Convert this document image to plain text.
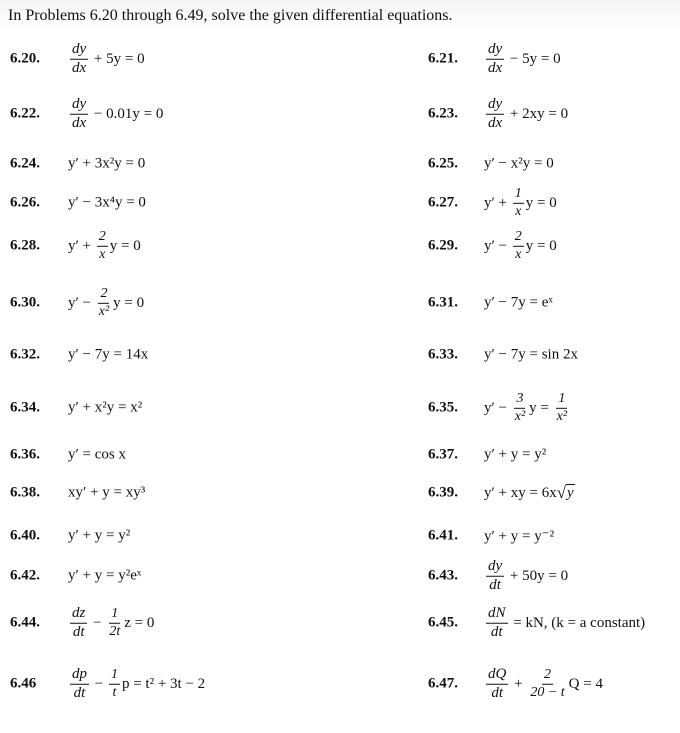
In Problems 6.20 through 6.49, solve the given differential equations.
6.20. $\frac{dy}{dx} + 5y = 0$	6.21. $\frac{dy}{dx} - 5y = 0$
6.22. $\frac{dy}{dx} - 0.01y = 0$	6.23. $\frac{dy}{dx} + 2xy = 0$
6.24. y′ + 3x²y = 0	6.25. y′ − x²y = 0
6.26. y′ − 3x⁴y = 0	6.27. $y' + \frac{1}{x}$ y = 0
6.28. $y' + \frac{2}{x}$ y = 0	6.29. $y' - \frac{2}{x}$ y = 0
6.30. $y' - \frac{2}{\text{x²}}$ y = 0	6.31. y′ − 7y = eˣ
6.32. y′ − 7y = 14x	6.33. y′ − 7y = sin 2x
6.34. y′ + x²y = x²	6.35. $y' - \frac{3}{\text{x²}}$ $y = \frac{1}{\text{x²}}$
6.36. y′ = cos x	6.37. y′ + y = y²
6.38. xy′ + y = xy³	6.39. y′ + xy = 6x √ y
6.40. y′ + y = y²	6.41. y′ + y = y⁻²
6.42. y′ + y = y²eˣ	6.43. $\frac{dy}{dt} + 50y = 0$
6.44. $\frac{dz}{dt} - \frac{1}{2t}$ z = 0	6.45. $\frac{dN}{dt}$ = kN, (k = a constant)
$6.46 \frac{dp}{dt} - \frac{1}{t}$ p = t² + 3t − 2	6.47. $\frac{dQ}{dt} + \frac{2}{20 - t}$ Q = 4
